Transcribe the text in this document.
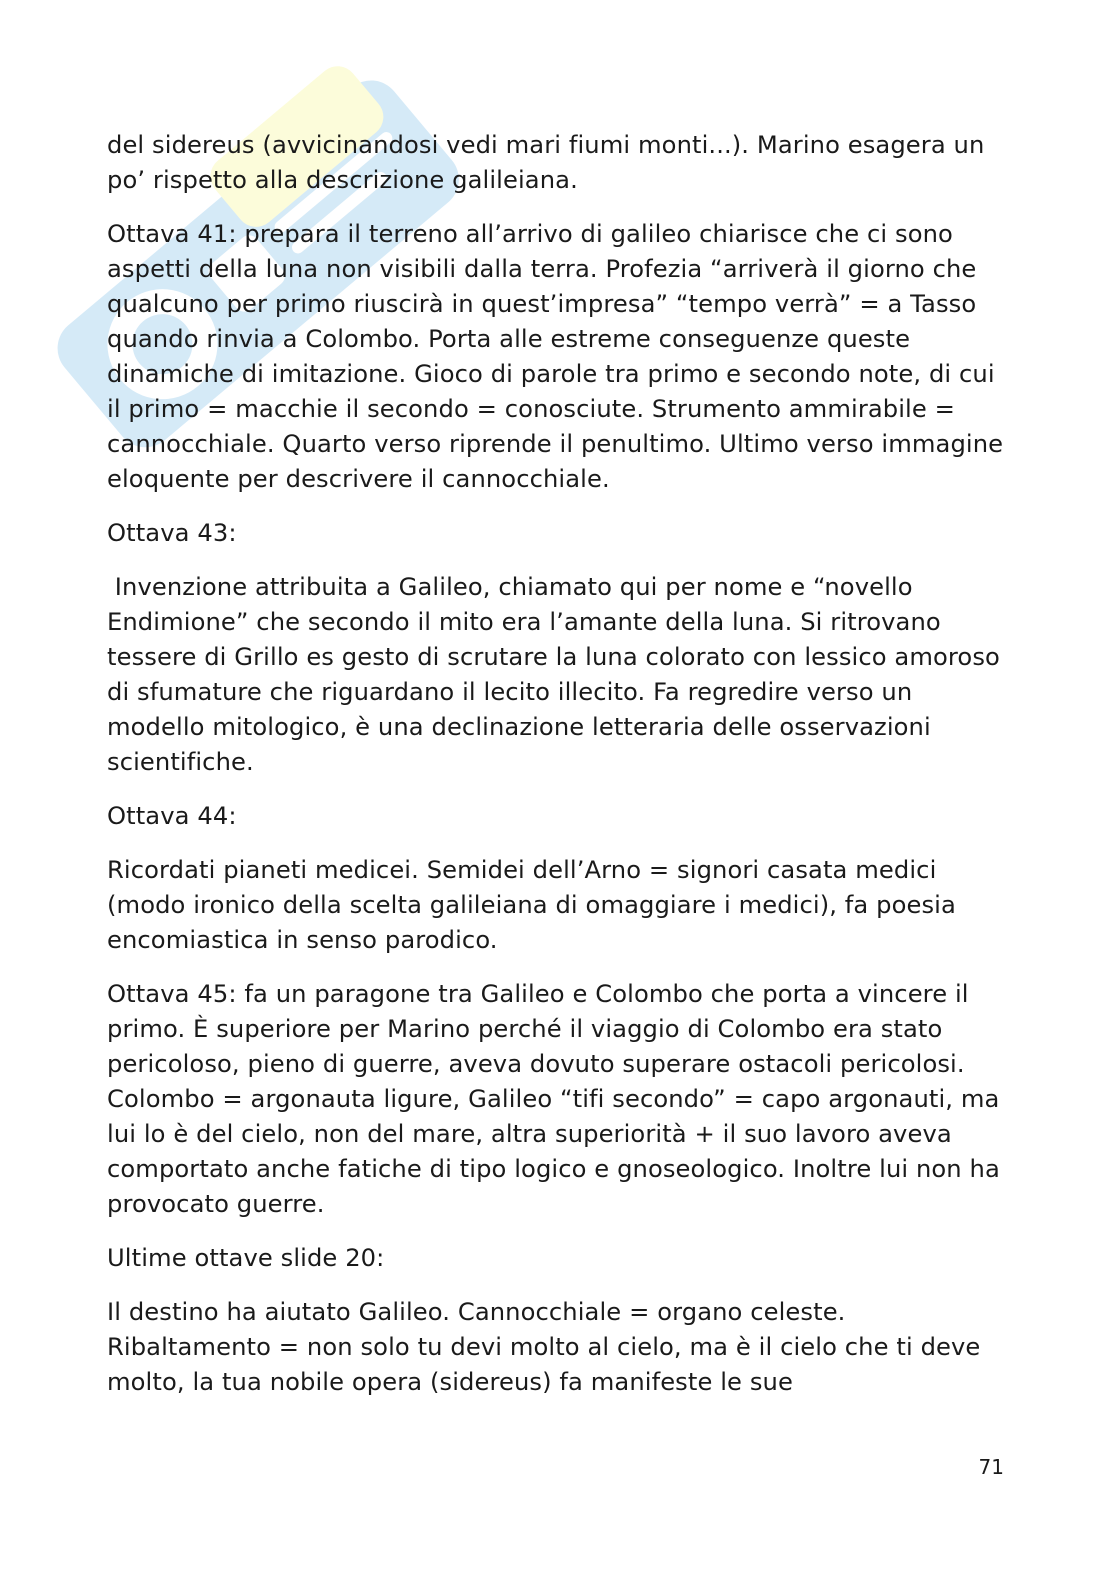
del sidereus (avvicinandosi vedi mari fiumi monti...). Marino esagera un po’ rispetto alla descrizione galileiana.

Ottava 41: prepara il terreno all’arrivo di galileo chiarisce che ci sono aspetti della luna non visibili dalla terra. Profezia “arriverà il giorno che qualcuno per primo riuscirà in quest’impresa” “tempo verrà” = a Tasso quando rinvia a Colombo. Porta alle estreme conseguenze queste dinamiche di imitazione. Gioco di parole tra primo e secondo note, di cui il primo = macchie il secondo = conosciute. Strumento ammirabile = cannocchiale. Quarto verso riprende il penultimo. Ultimo verso immagine eloquente per descrivere il cannocchiale.

Ottava 43:

Invenzione attribuita a Galileo, chiamato qui per nome e “novello Endimione” che secondo il mito era l’amante della luna. Si ritrovano tessere di Grillo es gesto di scrutare la luna colorato con lessico amoroso di sfumature che riguardano il lecito illecito. Fa regredire verso un modello mitologico, è una declinazione letteraria delle osservazioni scientifiche.

Ottava 44:

Ricordati pianeti medicei. Semidei dell’Arno = signori casata medici (modo ironico della scelta galileiana di omaggiare i medici), fa poesia encomiastica in senso parodico.

Ottava 45: fa un paragone tra Galileo e Colombo che porta a vincere il primo. È superiore per Marino perché il viaggio di Colombo era stato pericoloso, pieno di guerre, aveva dovuto superare ostacoli pericolosi. Colombo = argonauta ligure, Galileo “tifi secondo” = capo argonauti, ma lui lo è del cielo, non del mare, altra superiorità + il suo lavoro aveva comportato anche fatiche di tipo logico e gnoseologico. Inoltre lui non ha provocato guerre.

Ultime ottave slide 20:

Il destino ha aiutato Galileo. Cannocchiale = organo celeste. Ribaltamento = non solo tu devi molto al cielo, ma è il cielo che ti deve molto, la tua nobile opera (sidereus) fa manifeste le sue

71
